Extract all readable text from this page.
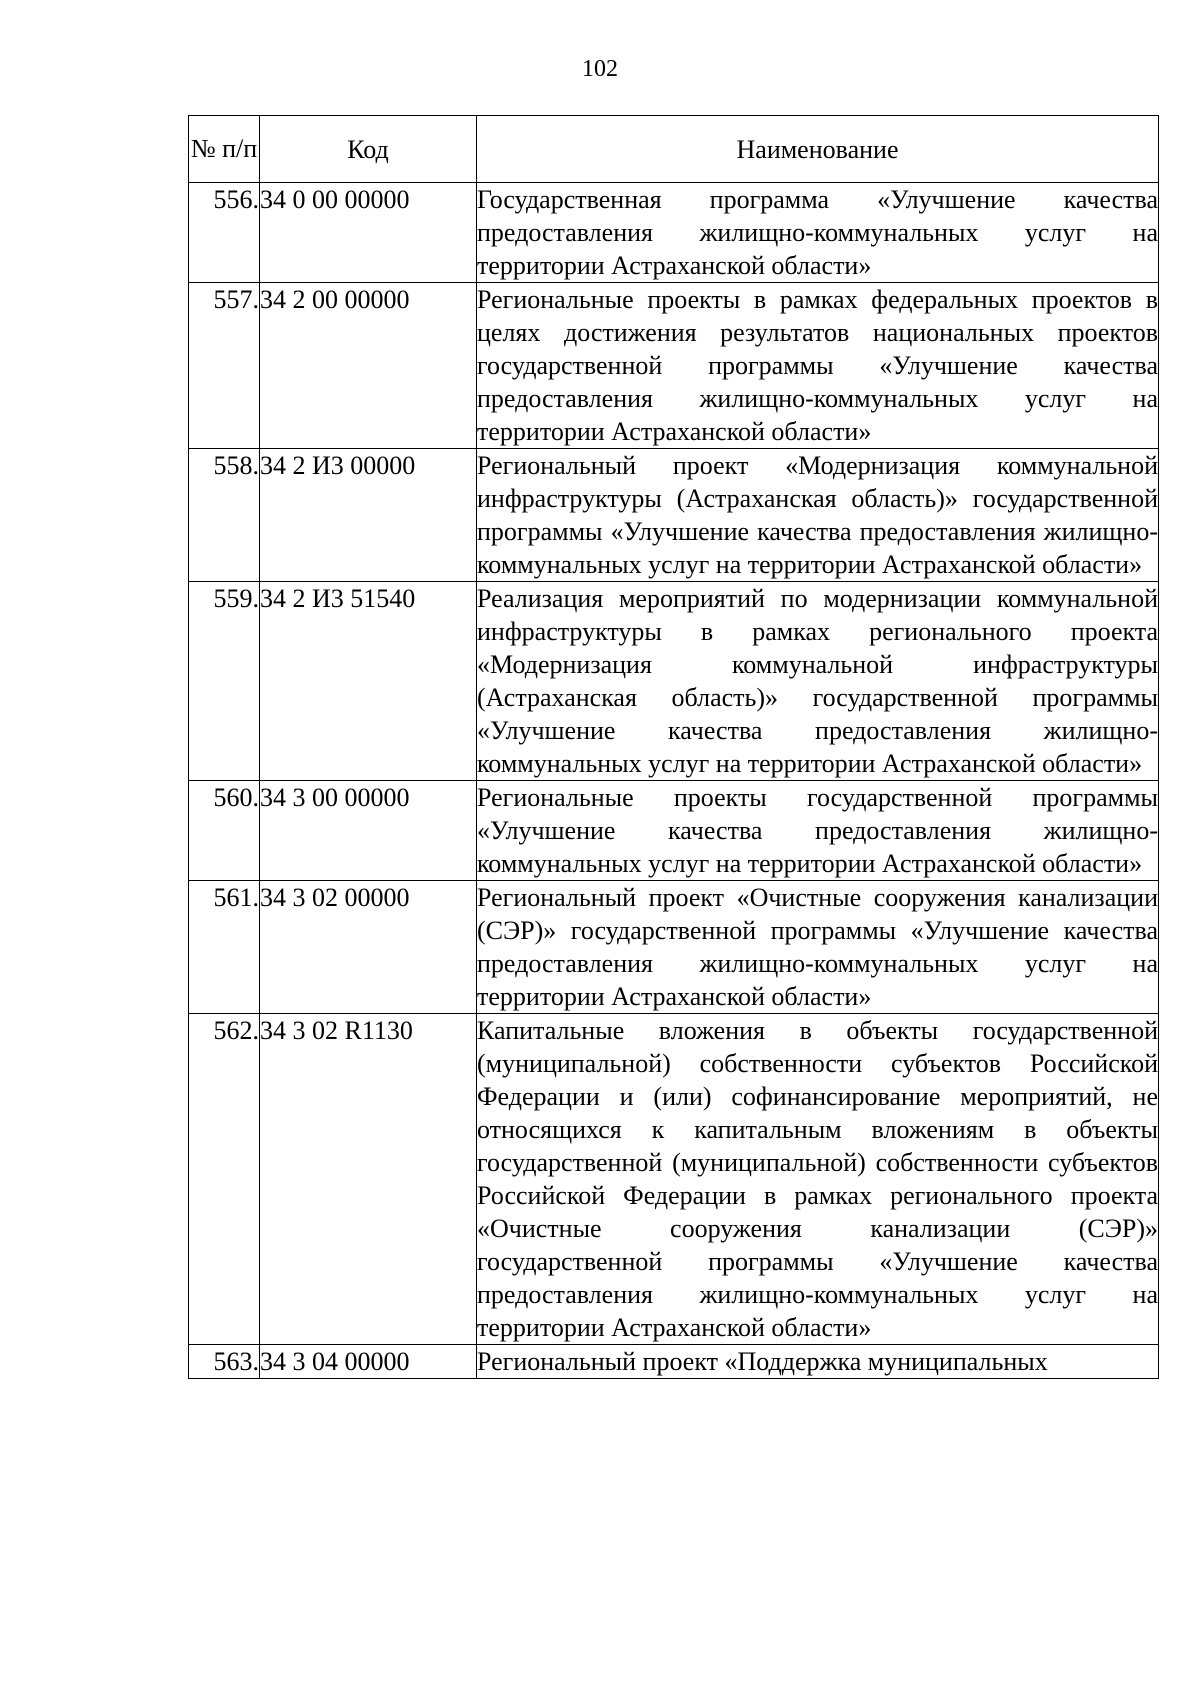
102
№ п/п	Код	Наименование
556.	34 0 00 00000	Государственная программа «Улучшение качества предоставления жилищно-коммунальных услуг на территории Астраханской области»
557.	34 2 00 00000	Региональные проекты в рамках федеральных проектов в целях достижения результатов национальных проектов государственной программы «Улучшение качества предоставления жилищно-коммунальных услуг на территории Астраханской области»
558.	34 2 И3 00000	Региональный проект «Модернизация коммунальной инфраструктуры (Астраханская область)» государственной программы «Улучшение качества предоставления жилищно-коммунальных услуг на территории Астраханской области»
559.	34 2 И3 51540	Реализация мероприятий по модернизации коммунальной инфраструктуры в рамках регионального проекта «Модернизация коммунальной инфраструктуры (Астраханская область)» государственной программы «Улучшение качества предоставления жилищно-коммунальных услуг на территории Астраханской области»
560.	34 3 00 00000	Региональные проекты государственной программы «Улучшение качества предоставления жилищно-коммунальных услуг на территории Астраханской области»
561.	34 3 02 00000	Региональный проект «Очистные сооружения канализации (СЭР)» государственной программы «Улучшение качества предоставления жилищно-коммунальных услуг на территории Астраханской области»
562.	34 3 02 R1130	Капитальные вложения в объекты государственной (муниципальной) собственности субъектов Российской Федерации и (или) софинансирование мероприятий, не относящихся к капитальным вложениям в объекты государственной (муниципальной) собственности субъектов Российской Федерации в рамках регионального проекта «Очистные сооружения канализации (СЭР)» государственной программы «Улучшение качества предоставления жилищно-коммунальных услуг на территории Астраханской области»
563.	34 3 04 00000	Региональный проект «Поддержка муниципальных
